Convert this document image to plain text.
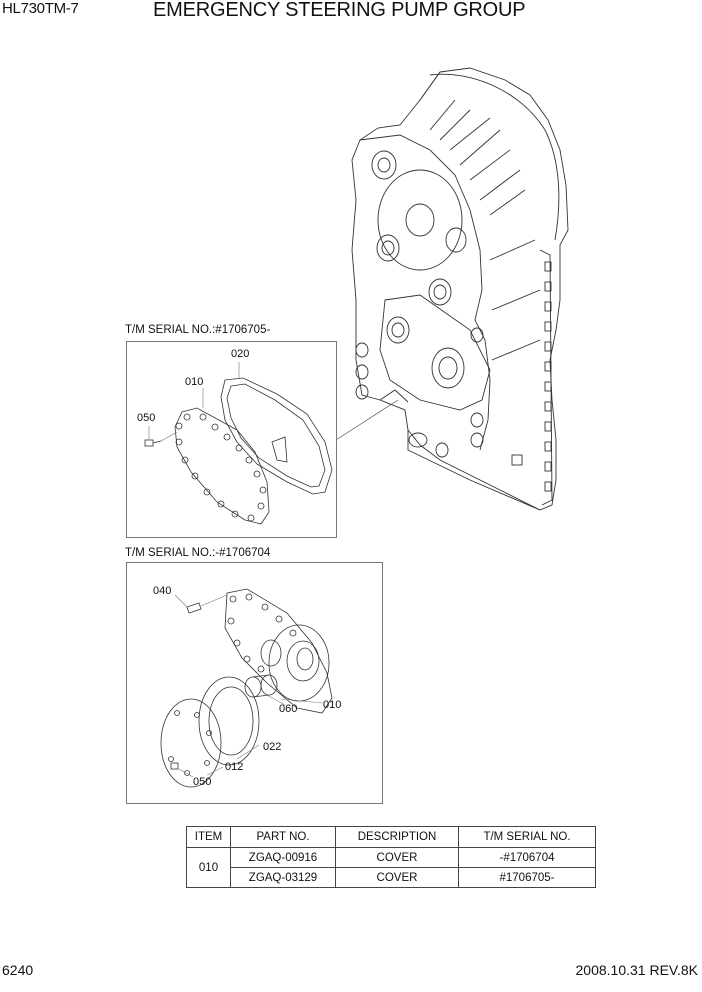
HL730TM-7	EMERGENCY STEERING PUMP GROUP
T/M SERIAL NO.:#1706705-
020
010
050
T/M SERIAL NO.:-#1706704
040
060 010
022
012
050
ITEM	PART NO.	DESCRIPTION	T/M SERIAL NO.
010	ZGAQ-00916	COVER	-#1706704
	ZGAQ-03129	COVER	#1706705-
6240	2008.10.31 REV.8K
